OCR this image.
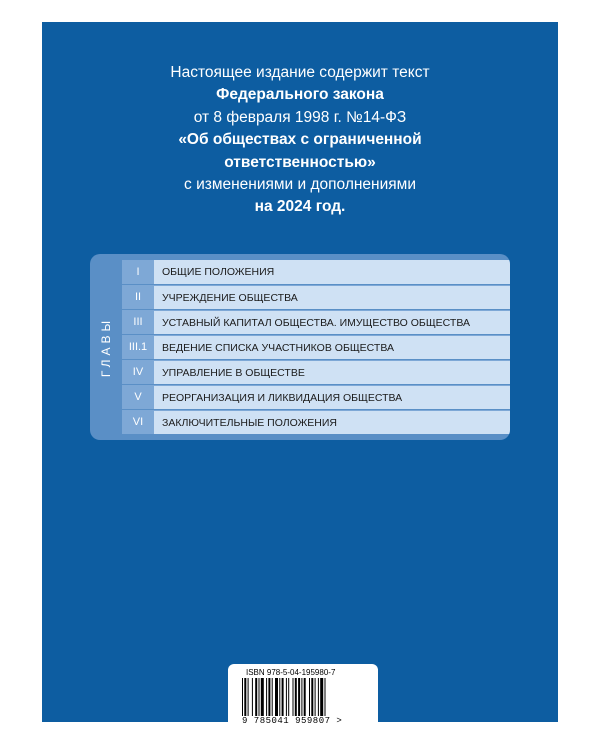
Настоящее издание содержит текст
Федерального закона
от 8 февраля 1998 г. №14-ФЗ
«Об обществах с ограниченной
ответственностью»
с изменениями и дополнениями
на 2024 год.
ГЛАВЫ
I	ОБЩИЕ ПОЛОЖЕНИЯ
II	УЧРЕЖДЕНИЕ ОБЩЕСТВА
III	УСТАВНЫЙ КАПИТАЛ ОБЩЕСТВА. ИМУЩЕСТВО ОБЩЕСТВА
III.1	ВЕДЕНИЕ СПИСКА УЧАСТНИКОВ ОБЩЕСТВА
IV	УПРАВЛЕНИЕ В ОБЩЕСТВЕ
V	РЕОРГАНИЗАЦИЯ И ЛИКВИДАЦИЯ ОБЩЕСТВА
VI	ЗАКЛЮЧИТЕЛЬНЫЕ ПОЛОЖЕНИЯ
ISBN 978-5-04-195980-7
9 785041 959807 >
